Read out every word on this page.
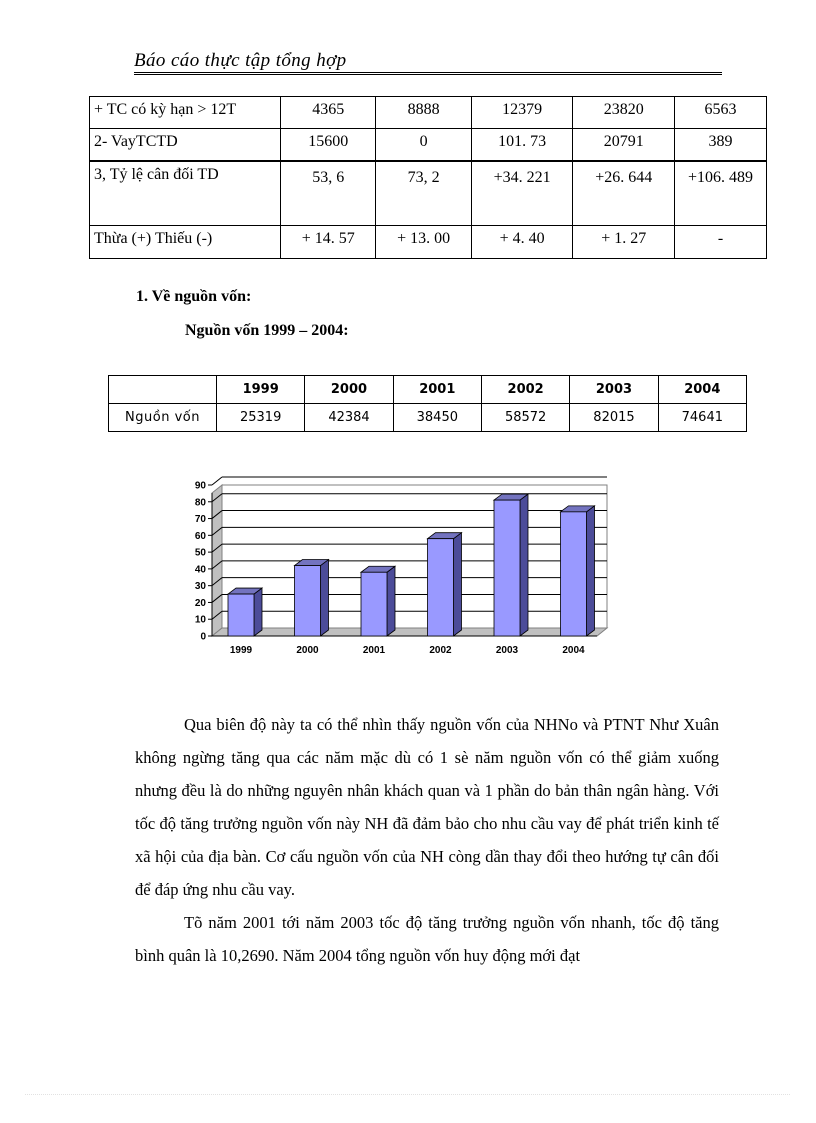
Báo cáo thực tập tổng hợp
+ TC có kỳ hạn > 12T	4365	8888	12379	23820	6563
2- VayTCTD	15600	0	101. 73	20791	389
3, Tỷ lệ cân đối TD	53, 6	73, 2	+34. 221	+26. 644	+106. 489
Thừa (+) Thiếu (-)	+ 14. 57	+ 13. 00	+ 4. 40	+ 1. 27	-
1. Về nguồn vốn:
Nguồn vốn 1999 – 2004:
	1999	2000	2001	2002	2003	2004
Nguồn vốn	25319	42384	38450	58572	82015	74641
0
10
20
30
40
50
60
70
80
90
1999	2000	2001	2002	2003	2004

Qua biên độ này ta có thể nhìn thấy nguồn vốn của NHNo và PTNT Như Xuân không ngừng tăng qua các năm mặc dù có 1 sè năm nguồn vốn có thể giảm xuống nhưng đều là do những nguyên nhân khách quan và 1 phần do bản thân ngân hàng. Với tốc độ tăng trưởng nguồn vốn này NH đã đảm bảo cho nhu cầu vay để phát triển kinh tế xã hội của địa bàn. Cơ cấu nguồn vốn của NH còng dần thay đổi theo hướng tự cân đối để đáp ứng nhu cầu vay.

Tõ năm 2001 tới năm 2003 tốc độ tăng trưởng nguồn vốn nhanh, tốc độ tăng bình quân là 10,2690. Năm 2004 tổng nguồn vốn huy động mới đạt
